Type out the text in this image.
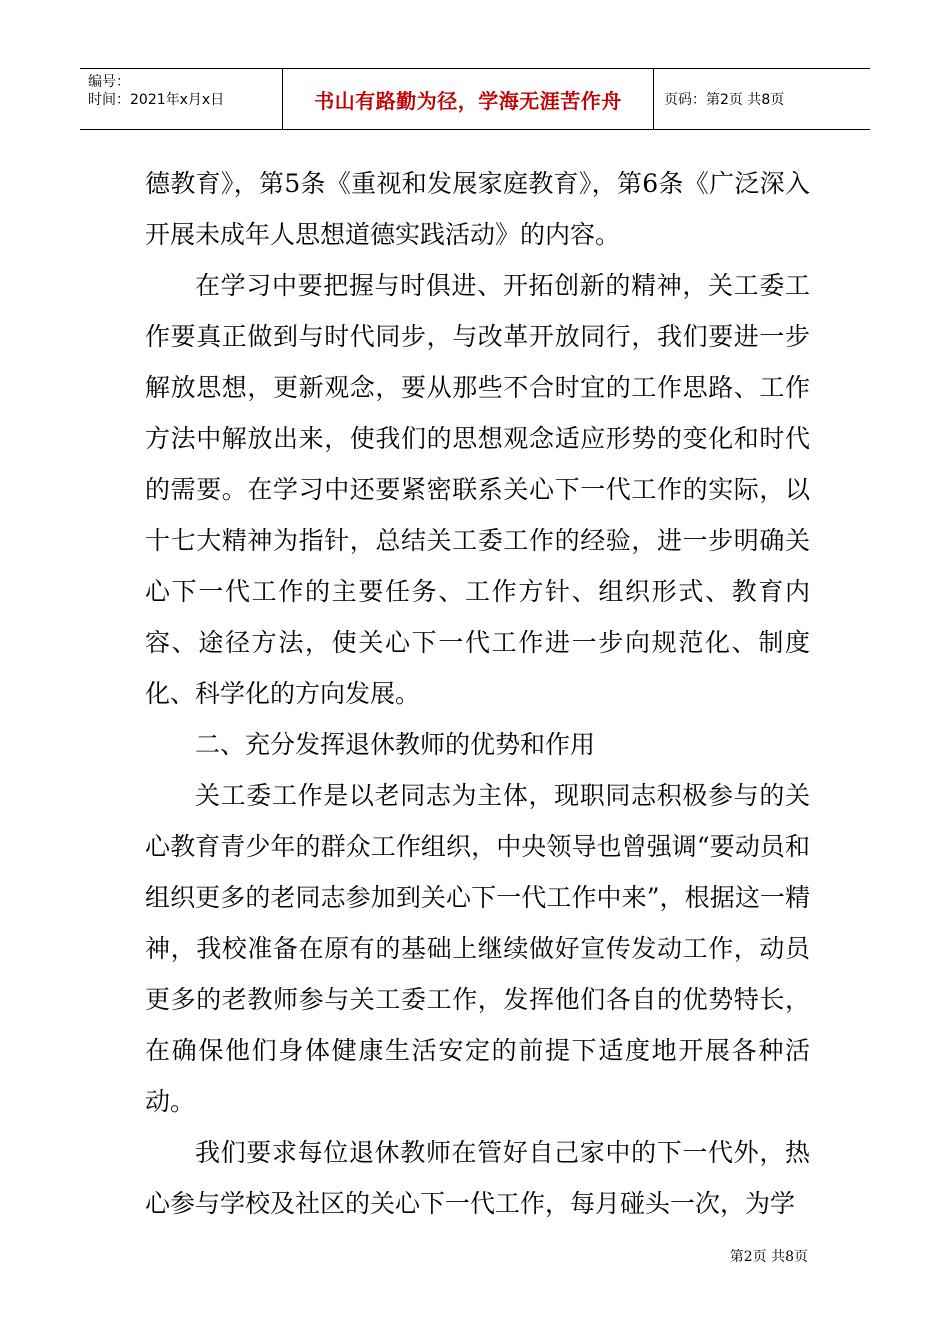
编号：
时间：2021年x月x日	书山有路勤为径，学海无涯苦作舟	页码：第2页 共8页

德教育》，第5条《重视和发展家庭教育》，第6条《广泛深入开展未成年人思想道德实践活动》的内容。

在学习中要把握与时俱进、开拓创新的精神，关工委工作要真正做到与时代同步，与改革开放同行，我们要进一步解放思想，更新观念，要从那些不合时宜的工作思路、工作方法中解放出来，使我们的思想观念适应形势的变化和时代的需要。在学习中还要紧密联系关心下一代工作的实际，以十七大精神为指针，总结关工委工作的经验，进一步明确关心下一代工作的主要任务、工作方针、组织形式、教育内容、途径方法，使关心下一代工作进一步向规范化、制度化、科学化的方向发展。

二、充分发挥退休教师的优势和作用

关工委工作是以老同志为主体，现职同志积极参与的关心教育青少年的群众工作组织，中央领导也曾强调“要动员和组织更多的老同志参加到关心下一代工作中来”，根据这一精神，我校准备在原有的基础上继续做好宣传发动工作，动员更多的老教师参与关工委工作，发挥他们各自的优势特长，在确保他们身体健康生活安定的前提下适度地开展各种活动。

我们要求每位退休教师在管好自己家中的下一代外，热心参与学校及社区的关心下一代工作，每月碰头一次，为学

第2页 共8页
